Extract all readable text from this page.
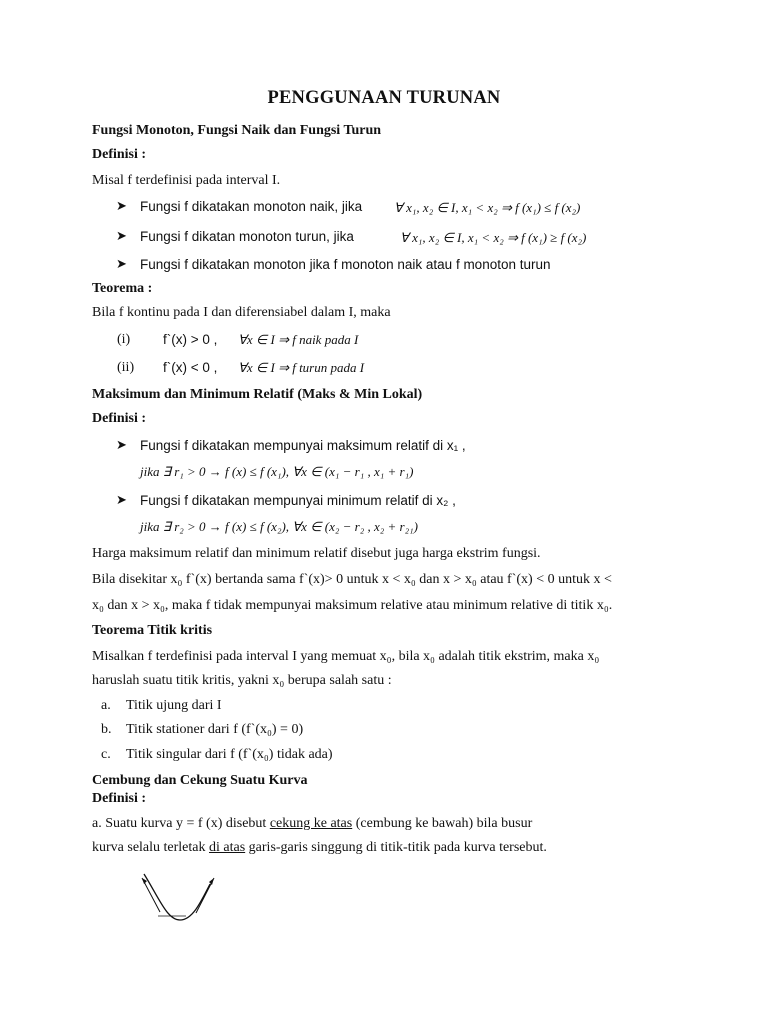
PENGGUNAAN TURUNAN
Fungsi Monoton, Fungsi Naik dan Fungsi Turun
Definisi :
Misal f terdefinisi pada interval I.
➤ Fungsi f dikatakan monoton naik, jika ∀ x₁, x₂ ∈ I, x₁ < x₂ ⇒ f (x₁) ≤ f (x₂)
➤ Fungsi f dikatan monoton turun, jika	∀ x₁, x₂ ∈ I, x₁ < x₂ ⇒ f (x₁) ≥ f (x₂)
➤ Fungsi f dikatakan monoton jika f monoton naik atau f monoton turun
Teorema :
Bila f kontinu pada I dan diferensiabel dalam I, maka
(i) f`(x) > 0 , ∀x ∈ I ⇒ f naik pada I
(ii) f`(x) < 0 , ∀x ∈ I ⇒ f turun pada I
Maksimum dan Minimum Relatif (Maks & Min Lokal)
Definisi :
➤ Fungsi f dikatakan mempunyai maksimum relatif di x₁ ,
jika ∃ r₁ > 0 → f (x) ≤ f (x₁), ∀x ∈ (x₁ − r₁ , x₁ + r₁)
➤ Fungsi f dikatakan mempunyai minimum relatif di x₂ ,
jika ∃ r₂ > 0 → f (x) ≤ f (x₂), ∀x ∈ (x₂ − r₂ , x₂ + r₂₁)
Harga maksimum relatif dan minimum relatif disebut juga harga ekstrim fungsi.
Bila disekitar x₀ f`(x) bertanda sama f`(x)> 0 untuk x < x₀ dan x > x₀ atau f`(x) < 0 untuk x <
x₀ dan x > x₀, maka f tidak mempunyai maksimum relative atau minimum relative di titik x₀.
Teorema Titik kritis
Misalkan f terdefinisi pada interval I yang memuat x₀, bila x₀ adalah titik ekstrim, maka x₀
haruslah suatu titik kritis, yakni x₀ berupa salah satu :
a. Titik ujung dari I
b. Titik stationer dari f (f`(x₀) = 0)
c. Titik singular dari f (f`(x₀) tidak ada)
Cembung dan Cekung Suatu Kurva
Definisi :
a. Suatu kurva y = f (x) disebut cekung ke atas (cembung ke bawah) bila busur
kurva selalu terletak di atas garis-garis singgung di titik-titik pada kurva tersebut.
